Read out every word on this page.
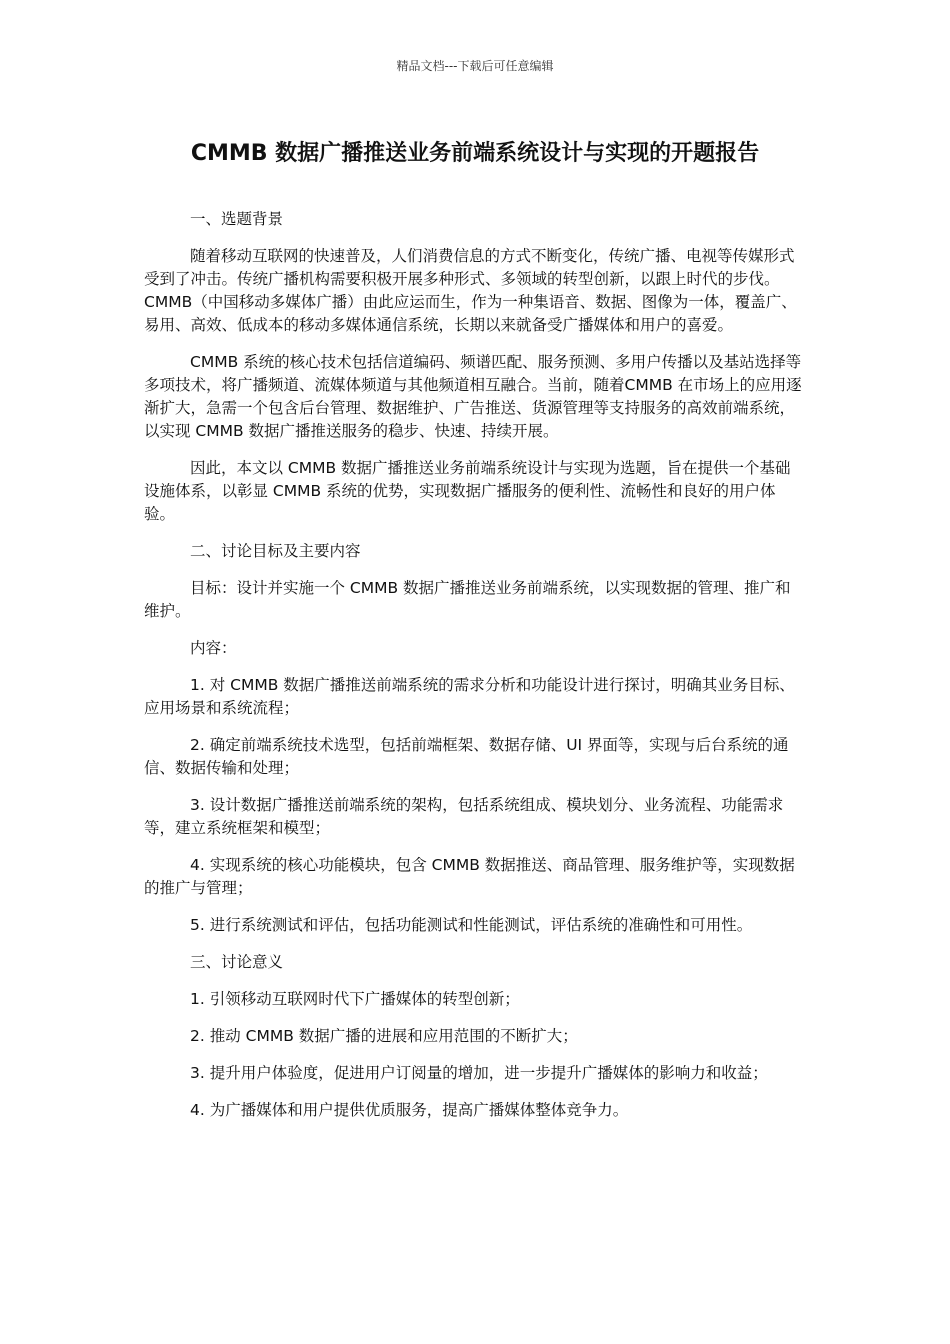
精品文档---下载后可任意编辑
CMMB 数据广播推送业务前端系统设计与实现的开题报告

一、选题背景

随着移动互联网的快速普及，人们消费信息的方式不断变化，传统广播、电视等传媒形式受到了冲击。传统广播机构需要积极开展多种形式、多领域的转型创新，以跟上时代的步伐。CMMB（中国移动多媒体广播）由此应运而生，作为一种集语音、数据、图像为一体，覆盖广、易用、高效、低成本的移动多媒体通信系统，长期以来就备受广播媒体和用户的喜爱。

CMMB 系统的核心技术包括信道编码、频谱匹配、服务预测、多用户传播以及基站选择等多项技术，将广播频道、流媒体频道与其他频道相互融合。当前，随着CMMB 在市场上的应用逐渐扩大，急需一个包含后台管理、数据维护、广告推送、货源管理等支持服务的高效前端系统，以实现 CMMB 数据广播推送服务的稳步、快速、持续开展。

因此，本文以 CMMB 数据广播推送业务前端系统设计与实现为选题，旨在提供一个基础设施体系，以彰显 CMMB 系统的优势，实现数据广播服务的便利性、流畅性和良好的用户体验。

二、讨论目标及主要内容

目标：设计并实施一个 CMMB 数据广播推送业务前端系统，以实现数据的管理、推广和维护。

内容：

1. 对 CMMB 数据广播推送前端系统的需求分析和功能设计进行探讨，明确其业务目标、应用场景和系统流程；

2. 确定前端系统技术选型，包括前端框架、数据存储、UI 界面等，实现与后台系统的通信、数据传输和处理；

3. 设计数据广播推送前端系统的架构，包括系统组成、模块划分、业务流程、功能需求等，建立系统框架和模型；

4. 实现系统的核心功能模块，包含 CMMB 数据推送、商品管理、服务维护等，实现数据的推广与管理；

5. 进行系统测试和评估，包括功能测试和性能测试，评估系统的准确性和可用性。

三、讨论意义

1. 引领移动互联网时代下广播媒体的转型创新；

2. 推动 CMMB 数据广播的进展和应用范围的不断扩大；

3. 提升用户体验度，促进用户订阅量的增加，进一步提升广播媒体的影响力和收益；

4. 为广播媒体和用户提供优质服务，提高广播媒体整体竞争力。
